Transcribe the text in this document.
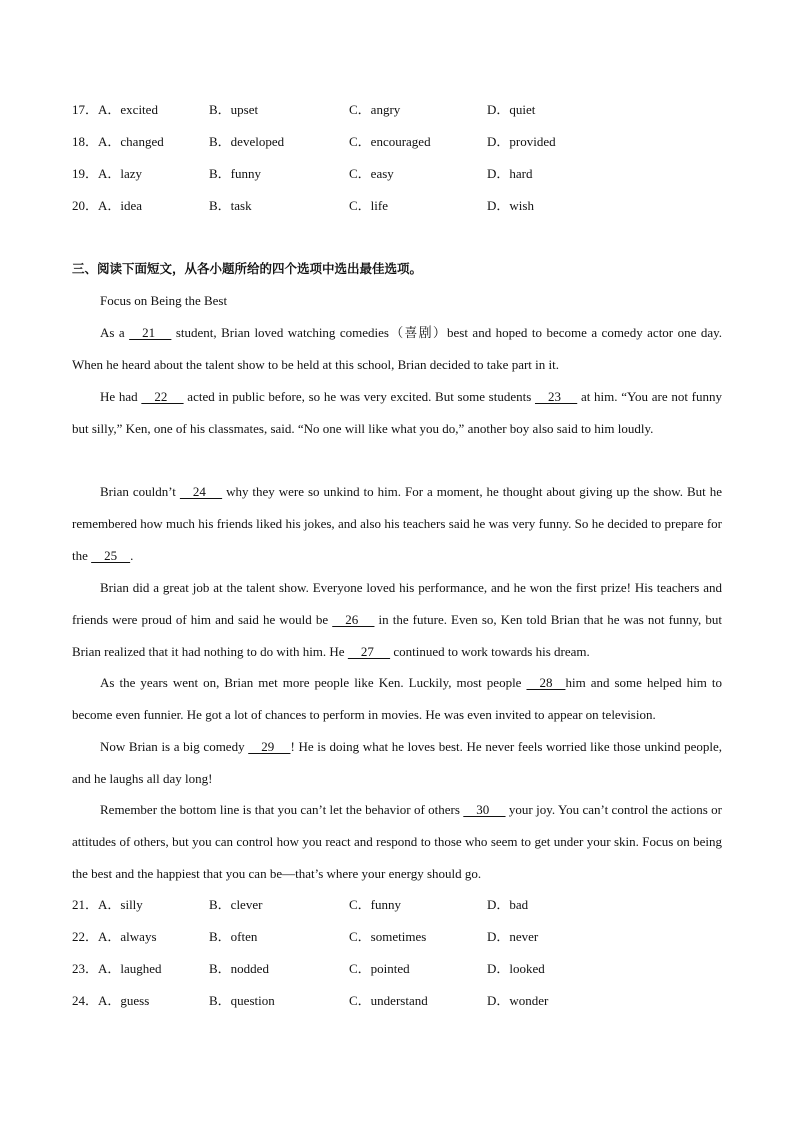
17．A．excited	B．upset	C．angry	D．quiet
18．A．changed	B．developed	C．encouraged	D．provided
19．A．lazy	B．funny	C．easy	D．hard
20．A．idea	B．task	C．life	D．wish
三、阅读下面短文，从各小题所给的四个选项中选出最佳选项。
Focus on Being the Best

As a     21      student, Brian loved watching comedies（喜剧）best and hoped to become a comedy actor one day. When he heard about the talent show to be held at this school, Brian decided to take part in it.

He had     22      acted in public before, so he was very excited. But some students     23      at him. “You are not funny but silly,” Ken, one of his classmates, said. “No one will like what you do,” another boy also said to him loudly.

Brian couldn’t     24      why they were so unkind to him. For a moment, he thought about giving up the show. But he remembered how much his friends liked his jokes, and also his teachers said he was very funny. So he decided to prepare for the     25    .

Brian did a great job at the talent show. Everyone loved his performance, and he won the first prize! His teachers and friends were proud of him and said he would be     26      in the future. Even so, Ken told Brian that he was not funny, but Brian realized that it had nothing to do with him. He     27      continued to work towards his dream.

As the years went on, Brian met more people like Ken. Luckily, most people     28    him and some helped him to become even funnier. He got a lot of chances to perform in movies. He was even invited to appear on television.

Now Brian is a big comedy     29     ! He is doing what he loves best. He never feels worried like those unkind people, and he laughs all day long!

Remember the bottom line is that you can’t let the behavior of others     30      your joy. You can’t control the actions or attitudes of others, but you can control how you react and respond to those who seem to get under your skin. Focus on being the best and the happiest that you can be—that’s where your energy should go.

21．A．silly	B．clever	C．funny	D．bad
22．A．always	B．often	C．sometimes	D．never
23．A．laughed	B．nodded	C．pointed	D．looked
24．A．guess	B．question	C．understand	D．wonder
